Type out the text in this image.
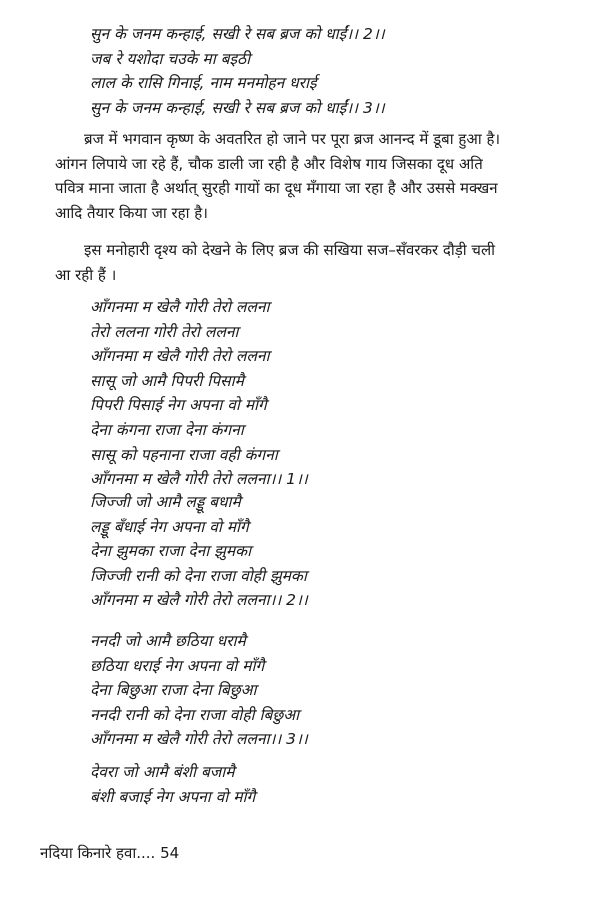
सुन के जनम कन्हाई, सखी रे सब ब्रज को धाईं।। 2।।
जब रे यशोदा चउके मा बइठी
लाल के रासि गिनाई, नाम मनमोहन धराई
सुन के जनम कन्हाई, सखी रे सब ब्रज को धाईं।। 3।।
ब्रज में भगवान कृष्ण के अवतरित हो जाने पर पूरा ब्रज आनन्द में डूबा हुआ है।
आंगन लिपाये जा रहे हैं, चौक डाली जा रही है और विशेष गाय जिसका दूध अति
पवित्र माना जाता है अर्थात् सुरही गायों का दूध मँगाया जा रहा है और उससे मक्खन
आदि तैयार किया जा रहा है।
इस मनोहारी दृश्य को देखने के लिए ब्रज की सखिया सज–सँवरकर दौड़ी चली
आ रही हैं ।
आँगनमा म खेलै गोरी तेरो ललना
तेरो ललना गोरी तेरो ललना
आँगनमा म खेलै गोरी तेरो ललना
सासू जो आमै पिपरी पिसामै
पिपरी पिसाई नेग अपना वो माँगै
देना कंगना राजा देना कंगना
सासू को पहनाना राजा वही कंगना
आँगनमा म खेलै गोरी तेरो ललना।। 1।।
जिज्जी जो आमै लड्डू बधामै
लड्डू बँधाई नेग अपना वो माँगै
देना झुमका राजा देना झुमका
जिज्जी रानी को देना राजा वोही झुमका
आँगनमा म खेलै गोरी तेरो ललना।। 2।।
ननदी जो आमै छठिया धरामै
छठिया धराई नेग अपना वो माँगै
देना बिछुआ राजा देना बिछुआ
ननदी रानी को देना राजा वोही बिछुआ
आँगनमा म खेलै गोरी तेरो ललना।। 3।।
देवरा जो आमै बंशी बजामै
बंशी बजाई नेग अपना वो माँगै
नदिया किनारे हवा.... 54
